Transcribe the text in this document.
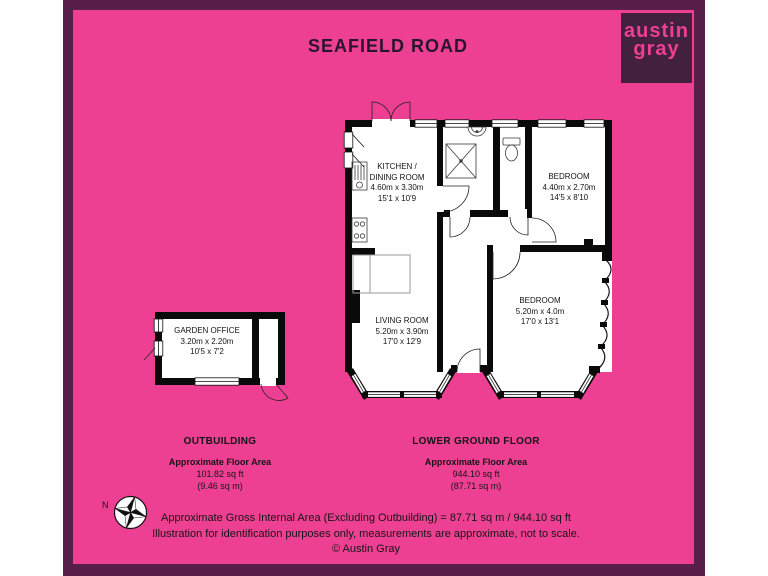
SEAFIELD ROAD
austin
gray
KITCHEN /
DINING ROOM
4.60m x 3.30m
15'1 x 10'9
BEDROOM
4.40m x 2.70m
14'5 x 8'10
BEDROOM
5.20m x 4.0m
17'0 x 13'1
LIVING ROOM
5.20m x 3.90m
17'0 x 12'9
GARDEN OFFICE
3.20m x 2.20m
10'5 x 7'2
OUTBUILDING
Approximate Floor Area
101.82 sq ft
(9.46 sq m)
LOWER GROUND FLOOR
Approximate Floor Area
944.10 sq ft
(87.71 sq m)
N
Approximate Gross Internal Area (Excluding Outbuilding) = 87.71 sq m / 944.10 sq ft
Illustration for identification purposes only, measurements are approximate, not to scale.
© Austin Gray
